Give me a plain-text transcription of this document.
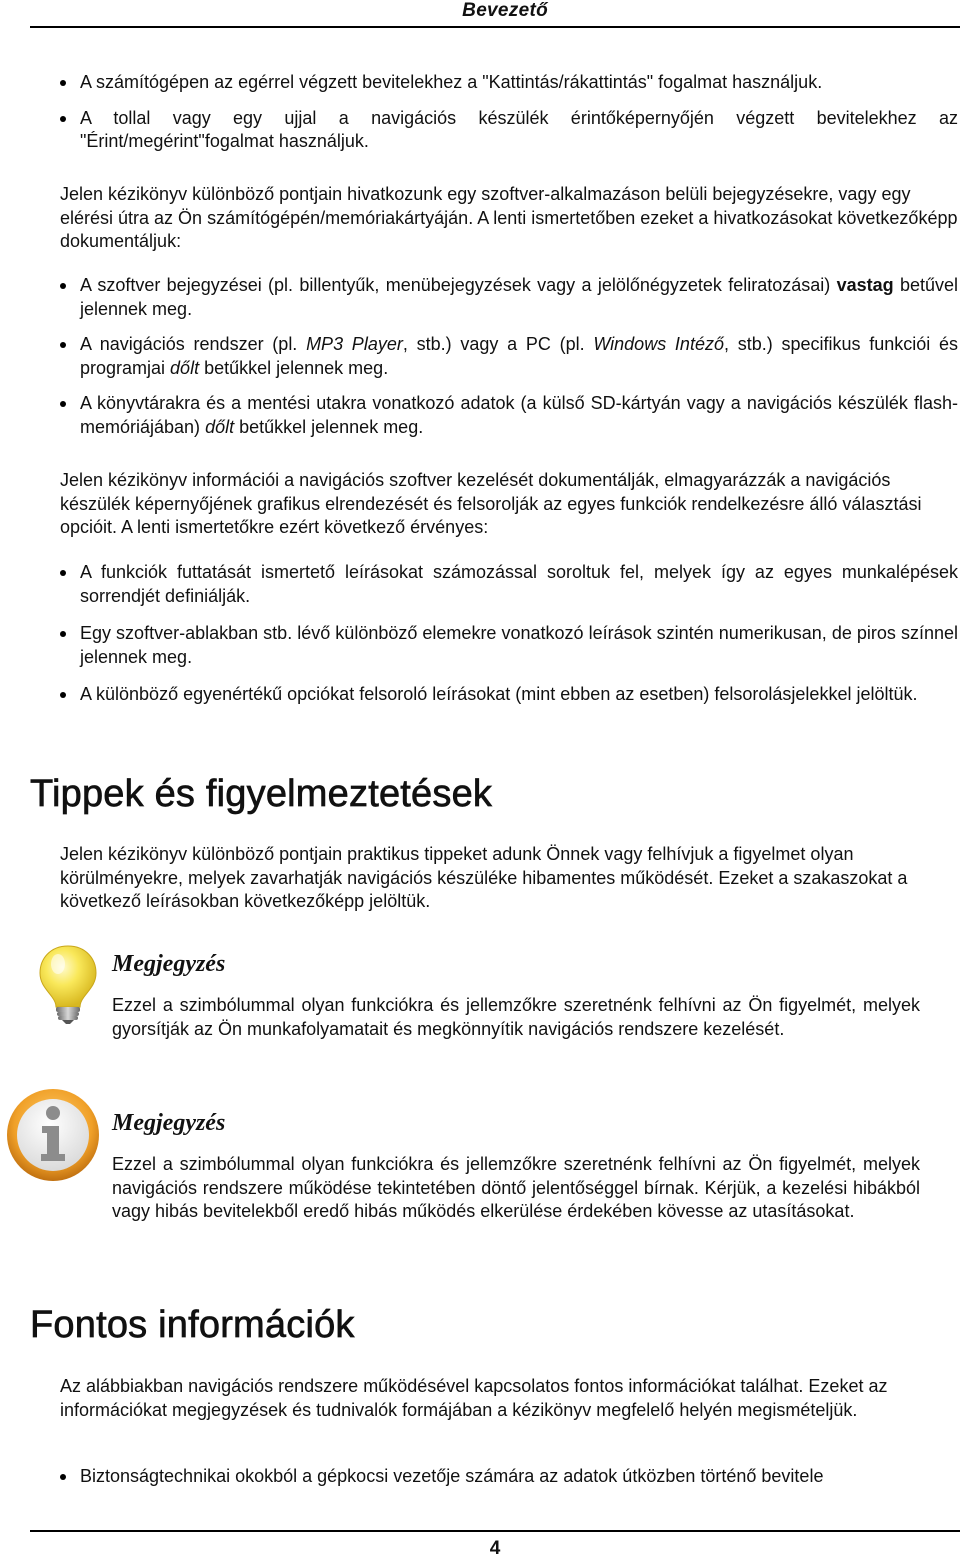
Bevezető
A számítógépen az egérrel végzett bevitelekhez a "Kattintás/rákattintás" fogalmat használjuk.
A tollal vagy egy ujjal a navigációs készülék érintőképernyőjén végzett bevitelekhez az "Érint/megérint"fogalmat használjuk.

Jelen kézikönyv különböző pontjain hivatkozunk egy szoftver-alkalmazáson belüli bejegyzésekre, vagy egy elérési útra az Ön számítógépén/memóriakártyáján. A lenti ismertetőben ezeket a hivatkozásokat következőképp dokumentáljuk:

A szoftver bejegyzései (pl. billentyűk, menübejegyzések vagy a jelölőnégyzetek feliratozásai) vastag betűvel jelennek meg.
A navigációs rendszer (pl. MP3 Player, stb.) vagy a PC (pl. Windows Intéző, stb.) specifikus funkciói és programjai dőlt betűkkel jelennek meg.
A könyvtárakra és a mentési utakra vonatkozó adatok (a külső SD-kártyán vagy a navigációs készülék flash-memóriájában) dőlt betűkkel jelennek meg.

Jelen kézikönyv információi a navigációs szoftver kezelését dokumentálják, elmagyarázzák a navigációs készülék képernyőjének grafikus elrendezését és felsorolják az egyes funkciók rendelkezésre álló választási opcióit. A lenti ismertetőkre ezért következő érvényes:

A funkciók futtatását ismertető leírásokat számozással soroltuk fel, melyek így az egyes munkalépések sorrendjét definiálják.
Egy szoftver-ablakban stb. lévő különböző elemekre vonatkozó leírások szintén numerikusan, de piros színnel jelennek meg.
A különböző egyenértékű opciókat felsoroló leírásokat (mint ebben az esetben) felsorolásjelekkel jelöltük.
Tippek és figyelmeztetések

Jelen kézikönyv különböző pontjain praktikus tippeket adunk Önnek vagy felhívjuk a figyelmet olyan körülményekre, melyek zavarhatják navigációs készüléke hibamentes működését. Ezeket a szakaszokat a következő leírásokban következőképp jelöltük.

Megjegyzés

Ezzel a szimbólummal olyan funkciókra és jellemzőkre szeretnénk felhívni az Ön figyelmét, melyek gyorsítják az Ön munkafolyamatait és megkönnyítik navigációs rendszere kezelését.

Megjegyzés

Ezzel a szimbólummal olyan funkciókra és jellemzőkre szeretnénk felhívni az Ön figyelmét, melyek navigációs rendszere működése tekintetében döntő jelentőséggel bírnak. Kérjük, a kezelési hibákból vagy hibás bevitelekből eredő hibás működés elkerülése érdekében kövesse az utasításokat.

Fontos információk

Az alábbiakban navigációs rendszere működésével kapcsolatos fontos információkat találhat. Ezeket az információkat megjegyzések és tudnivalók formájában a kézikönyv megfelelő helyén megismételjük.

Biztonságtechnikai okokból a gépkocsi vezetője számára az adatok útközben történő bevitele
4
